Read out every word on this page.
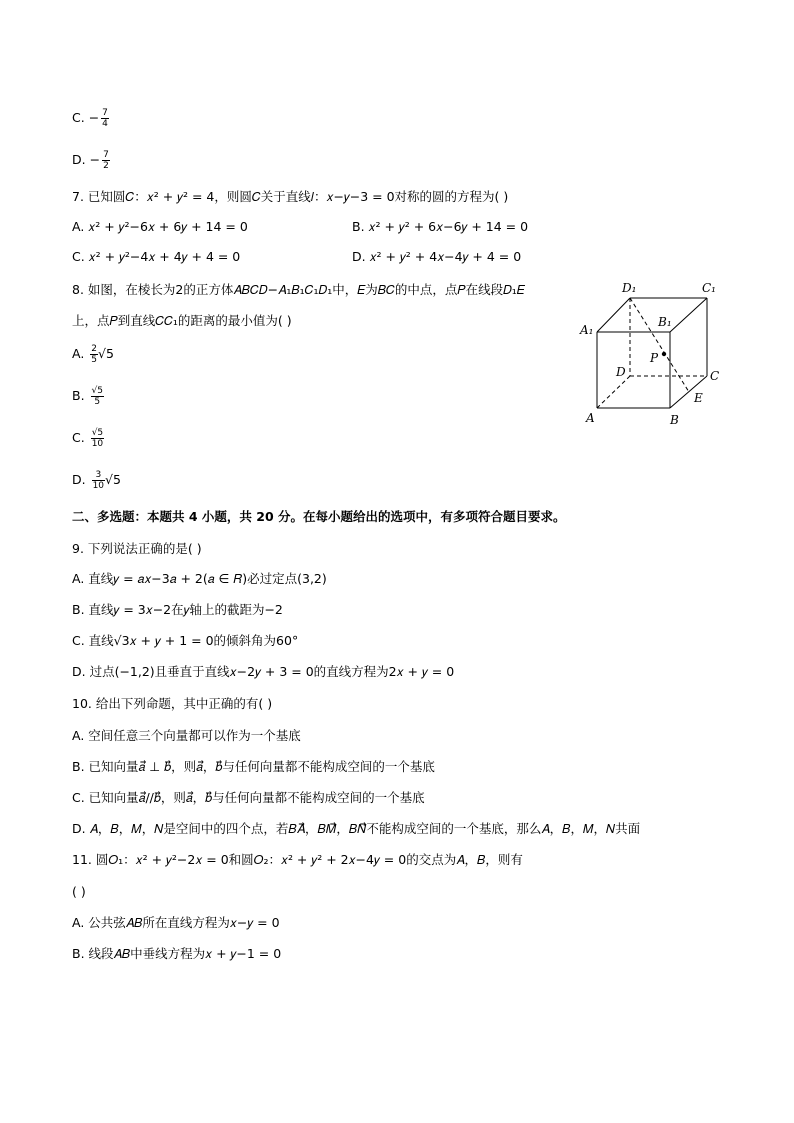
C. − $\frac{7}{4}$
D. − $\frac{7}{2}$
7. 已知圆𝐶：𝑥² + 𝑦² = 4，则圆𝐶关于直线𝑙：𝑥−𝑦−3 = 0对称的圆的方程为( )
A. 𝑥² + 𝑦²−6𝑥 + 6𝑦 + 14 = 0	B. 𝑥² + 𝑦² + 6𝑥−6𝑦 + 14 = 0
C. 𝑥² + 𝑦²−4𝑥 + 4𝑦 + 4 = 0	D. 𝑥² + 𝑦² + 4𝑥−4𝑦 + 4 = 0
8. 如图，在棱长为2的正方体𝐴𝐵𝐶𝐷−𝐴₁𝐵₁𝐶₁𝐷₁中，𝐸为𝐵𝐶的中点，点𝑃在线段𝐷₁𝐸
上，点𝑃到直线𝐶𝐶₁的距离的最小值为( )
A. $\frac{2}{5} √5$
B. $\frac{√5}{5}$
C. $\frac{√5}{10}$
D. $\frac{3}{10} √5$
D₁	C₁
A₁
B₁
P
D	C
A	B
E
二、多选题：本题共 4 小题，共 20 分。在每小题给出的选项中，有多项符合题目要求。
9. 下列说法正确的是( )
A. 直线𝑦 = 𝑎𝑥−3𝑎 + 2(𝑎 ∈ 𝑅)必过定点(3,2)
B. 直线𝑦 = 3𝑥−2在𝑦轴上的截距为−2
C. 直线√3𝑥 + 𝑦 + 1 = 0的倾斜角为60°
D. 过点(−1,2)且垂直于直线𝑥−2𝑦 + 3 = 0的直线方程为2𝑥 + 𝑦 = 0
10. 给出下列命题，其中正确的有( )
A. 空间任意三个向量都可以作为一个基底
B. 已知向量𝑎⃗ ⊥ 𝑏⃗，则𝑎⃗，𝑏⃗与任何向量都不能构成空间的一个基底
C. 已知向量𝑎⃗//𝑏⃗，则𝑎⃗，𝑏⃗与任何向量都不能构成空间的一个基底
D. 𝐴，𝐵，𝑀，𝑁是空间中的四个点，若𝐵𝐴⃗，𝐵𝑀⃗，𝐵𝑁⃗不能构成空间的一个基底，那么𝐴，𝐵，𝑀，𝑁共面
11. 圆𝑂₁：𝑥² + 𝑦²−2𝑥 = 0和圆𝑂₂：𝑥² + 𝑦² + 2𝑥−4𝑦 = 0的交点为𝐴，𝐵，则有
( )
A. 公共弦𝐴𝐵所在直线方程为𝑥−𝑦 = 0
B. 线段𝐴𝐵中垂线方程为𝑥 + 𝑦−1 = 0
